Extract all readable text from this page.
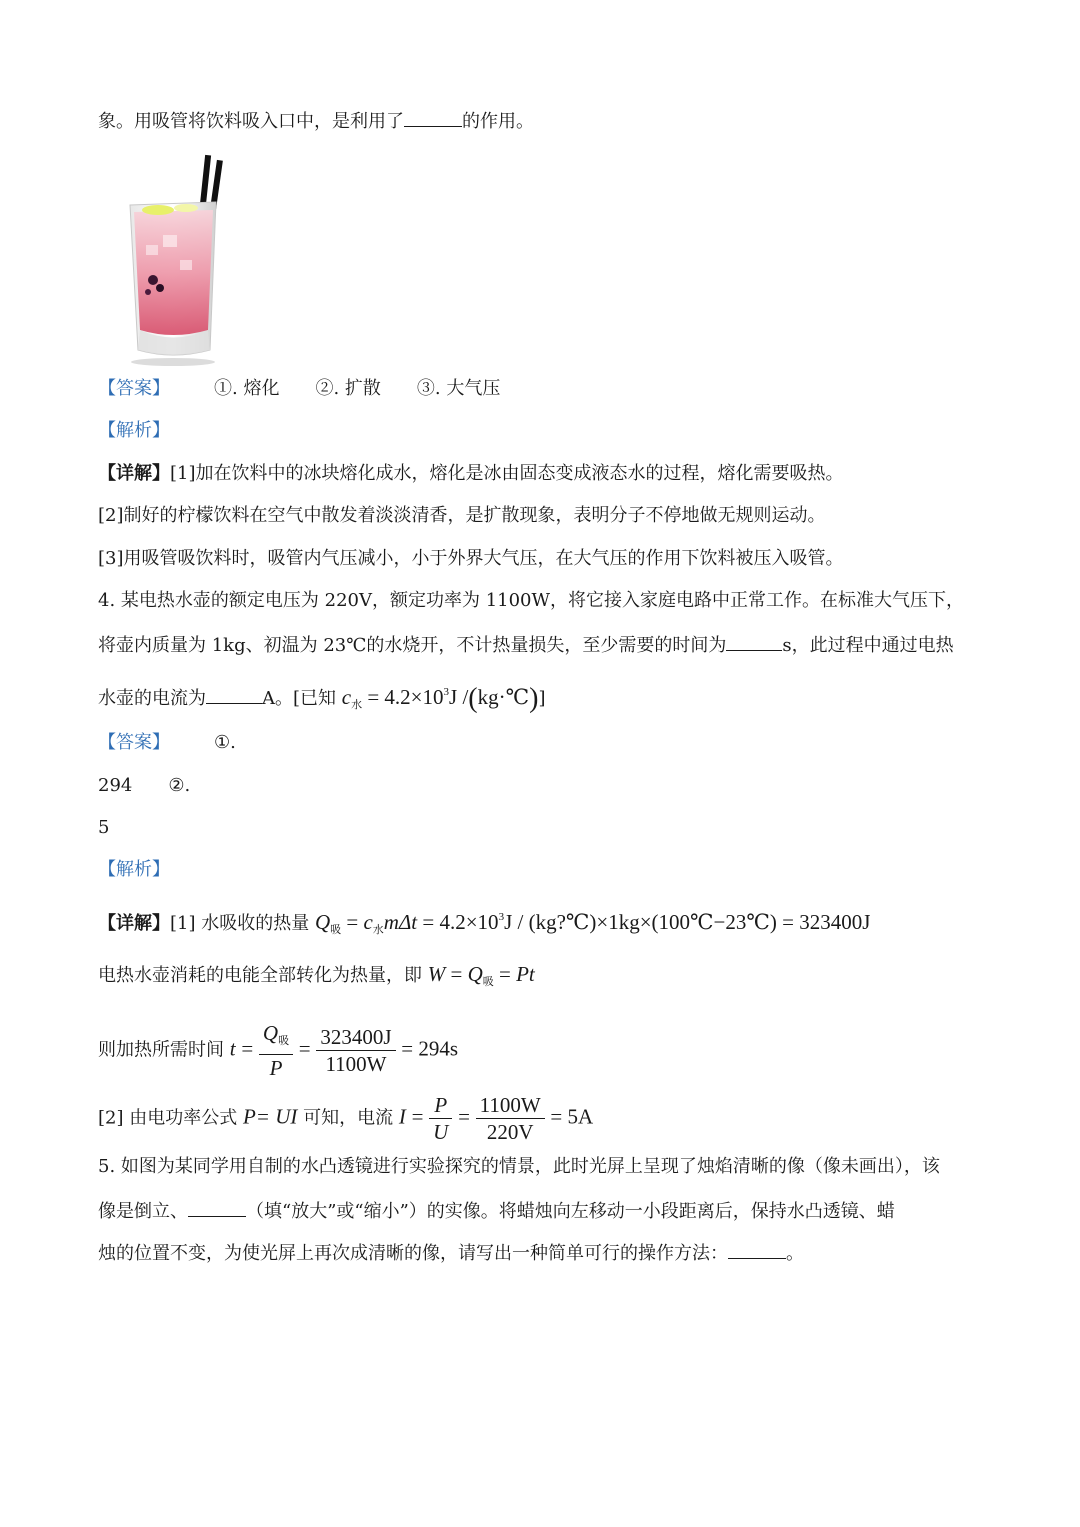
象。用吸管将饮料吸入口中，是利用了	的作用。
【答案】 ①. 熔化 ②. 扩散 ③. 大气压
【解析】
【详解】[1]加在饮料中的冰块熔化成水，熔化是冰由固态变成液态水的过程，熔化需要吸热。
[2]制好的柠檬饮料在空气中散发着淡淡清香，是扩散现象，表明分子不停地做无规则运动。
[3]用吸管吸饮料时，吸管内气压减小，小于外界大气压，在大气压的作用下饮料被压入吸管。
4. 某电热水壶的额定电压为 220V，额定功率为 1100W，将它接入家庭电路中正常工作。在标准大气压下，
将壶内质量为 1kg、初温为 23℃的水烧开，不计热量损失，至少需要的时间为	s，此过程中通过电热
水壶的电流为	A。[已知 $c_水 = 4.2\times 10^3J$ /(kg·℃)]
【答案】 ①.
294 ②.
5
【解析】
【详解】[1] 水吸收的热量 $Q_吸 = c_水m\Delta t = 4.2\times 10^3J$ / (kg?℃)×1kg×(100℃−23℃) = 323400J
电热水壶消耗的电能全部转化为热量，即 $W = Q_吸 = Pt$
则加热所需时间 $t = \frac{Q_吸}{P} = \frac{323400J}{1100W} = 294s$
[2] 由电功率公式 P= UI 可知，电流 $I = \frac{P}{U} = \frac{1100W}{220V} = 5A$
5. 如图为某同学用自制的水凸透镜进行实验探究的情景，此时光屏上呈现了烛焰清晰的像（像未画出），该
像是倒立、	（填“放大”或“缩小”）的实像。将蜡烛向左移动一小段距离后，保持水凸透镜、蜡
烛的位置不变，为使光屏上再次成清晰的像，请写出一种简单可行的操作方法：	。
